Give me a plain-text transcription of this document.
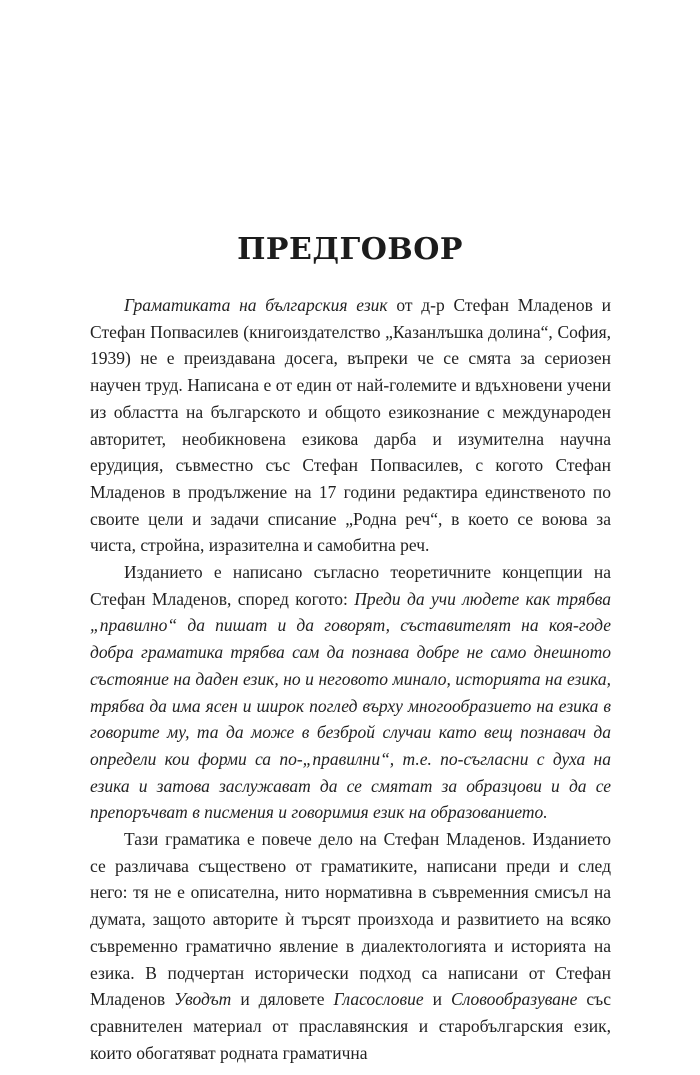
ПРЕДГОВОР

Граматиката на българския език от д-р Стефан Младенов и Стефан Попвасилев (книгоиздателство „Казанлъшка долина“, София, 1939) не е преиздавана досега, въпреки че се смята за сериозен научен труд. Написана е от един от най-големите и вдъхновени учени из областта на българското и общото езикознание с международен авторитет, необикновена езикова дарба и изумителна научна ерудиция, съвместно със Стефан Попвасилев, с когото Стефан Младенов в продължение на 17 години редактира единственото по своите цели и задачи списание „Родна реч“, в което се воюва за чиста, стройна, изразителна и самобитна реч.

Изданието е написано съгласно теоретичните концепции на Стефан Младенов, според когото: Преди да учи людете как трябва „правилно“ да пишат и да говорят, съставителят на коя-годе добра граматика трябва сам да познава добре не само днешното състояние на даден език, но и неговото минало, историята на езика, трябва да има ясен и широк поглед върху многообразието на езика в говорите му, та да може в безброй случаи като вещ познавач да определи кои форми са по-„правилни“, т.е. по-съгласни с духа на езика и затова заслужават да се смятат за образцови и да се препоръчват в писмения и говоримия език на образованието.

Тази граматика е повече дело на Стефан Младенов. Изданието се различава съществено от граматиките, написани преди и след него: тя не е описателна, нито нормативна в съвременния смисъл на думата, защото авторите ѝ търсят произхода и развитието на всяко съвременно граматично явление в диалектологията и историята на езика. В подчертан исторически подход са написани от Стефан Младенов Уводът и дяловете Гласословие и Словообразуване със сравнителен материал от праславянския и старобългарския език, които обогатяват родната граматична
